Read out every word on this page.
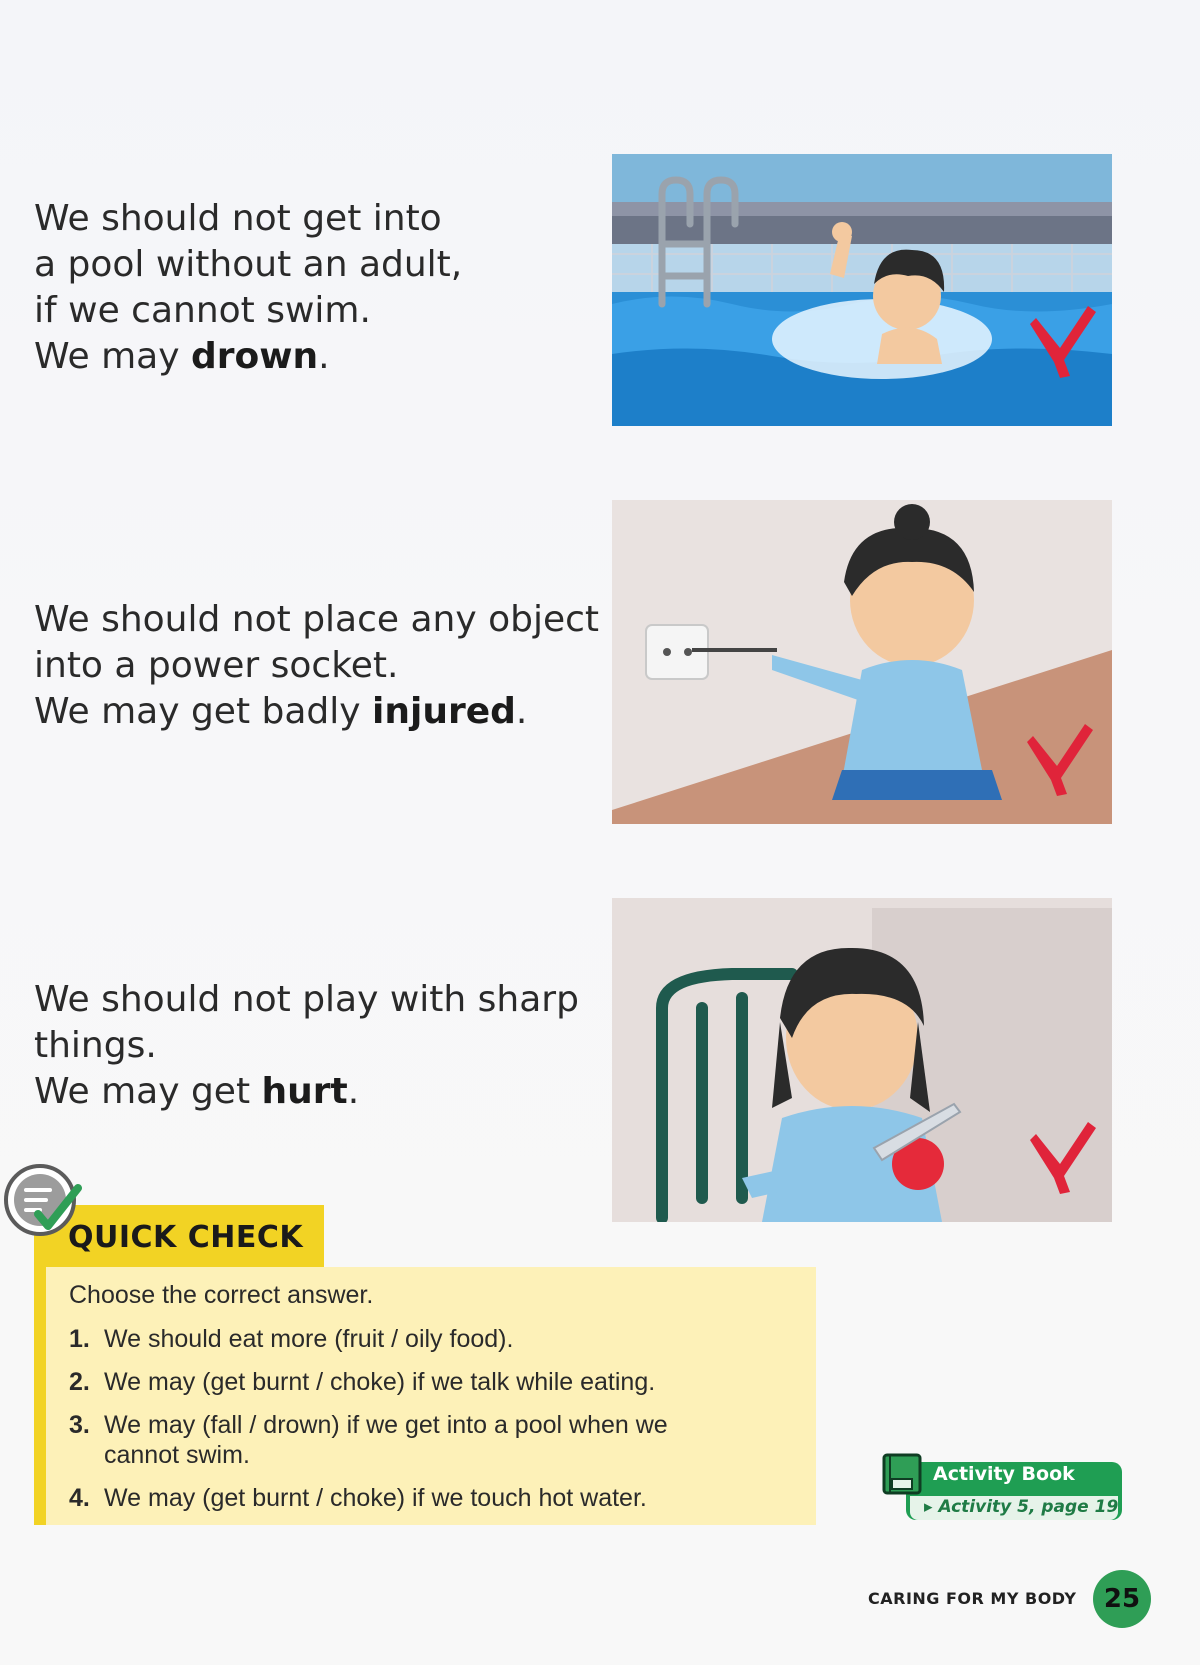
We should not get into
a pool without an adult,
if we cannot swim.
We may drown.
We should not place any object
into a power socket.
We may get badly injured.
We should not play with sharp
things.
We may get hurt.
QUICK CHECK
Choose the correct answer.
1. We should eat more (fruit / oily food).
2. We may (get burnt / choke) if we talk while eating.
3. We may (fall / drown) if we get into a pool when we cannot swim.
4. We may (get burnt / choke) if we touch hot water.
Activity Book
▸ Activity 5, page 19
CARING FOR MY BODY	25
